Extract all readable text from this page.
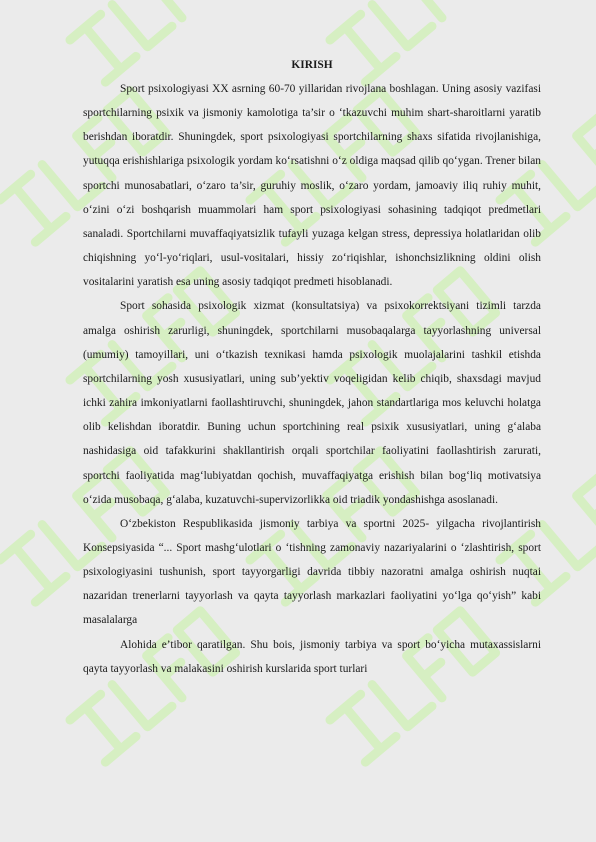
KIRISH

Sport psixologiyasi XX asrning 60-70 yillaridan rivojlana boshlagan. Uning asosiy vazifasi sportchilarning psixik va jismoniy kamolotiga ta’sir o ‘tkazuvchi muhim shart-sharoitlarni yaratib berishdan iboratdir. Shuningdek, sport psixologiyasi sportchilarning shaxs sifatida rivojlanishiga, yutuqqa erishishlariga psixologik yordam ko‘rsatishni o‘z oldiga maqsad qilib qo‘ygan. Trener bilan sportchi munosabatlari, o‘zaro ta’sir, guruhiy moslik, o‘zaro yordam, jamoaviy iliq ruhiy muhit, o‘zini o‘zi boshqarish muammolari ham sport psixologiyasi sohasining tadqiqot predmetlari sanaladi. Sportchilarni muvaffaqiyatsizlik tufayli yuzaga kelgan stress, depressiya holatlaridan olib chiqishning yo‘l-yo‘riqlari, usul-vositalari, hissiy zo‘riqishlar, ishonchsizlikning oldini olish vositalarini yaratish esa uning asosiy tadqiqot predmeti hisoblanadi.

Sport sohasida psixologik xizmat (konsultatsiya) va psixokorrektsiyani tizimli tarzda amalga oshirish zarurligi, shuningdek, sportchilarni musobaqalarga tayyorlashning universal (umumiy) tamoyillari, uni o‘tkazish texnikasi hamda psixologik muolajalarini tashkil etishda sportchilarning yosh xususiyatlari, uning sub’yektiv voqeligidan kelib chiqib, shaxsdagi mavjud ichki zahira imkoniyatlarni faollashtiruvchi, shuningdek, jahon standartlariga mos keluvchi holatga olib kelishdan iboratdir. Buning uchun sportchining real psixik xususiyatlari, uning g‘alaba nashidasiga oid tafakkurini shakllantirish orqali sportchilar faoliyatini faollashtirish zarurati, sportchi faoliyatida mag‘lubiyatdan qochish, muvaffaqiyatga erishish bilan bog‘liq motivatsiya o‘zida musobaqa, g‘alaba, kuzatuvchi-supervizorlikka oid triadik yondashishga asoslanadi.

O‘zbekiston Respublikasida jismoniy tarbiya va sportni 2025- yilgacha rivojlantirish Konsepsiyasida “... Sport mashg‘ulotlari o ‘tishning zamonaviy nazariyalarini o ‘zlashtirish, sport psixologiyasini tushunish, sport tayyorgarligi davrida tibbiy nazoratni amalga oshirish nuqtai nazaridan trenerlarni tayyorlash va qayta tayyorlash markazlari faoliyatini yo‘lga qo‘yish” kabi masalalarga

Alohida e’tibor qaratilgan. Shu bois, jismoniy tarbiya va sport bo‘yicha mutaxassislarni qayta tayyorlash va malakasini oshirish kurslarida sport turlari
